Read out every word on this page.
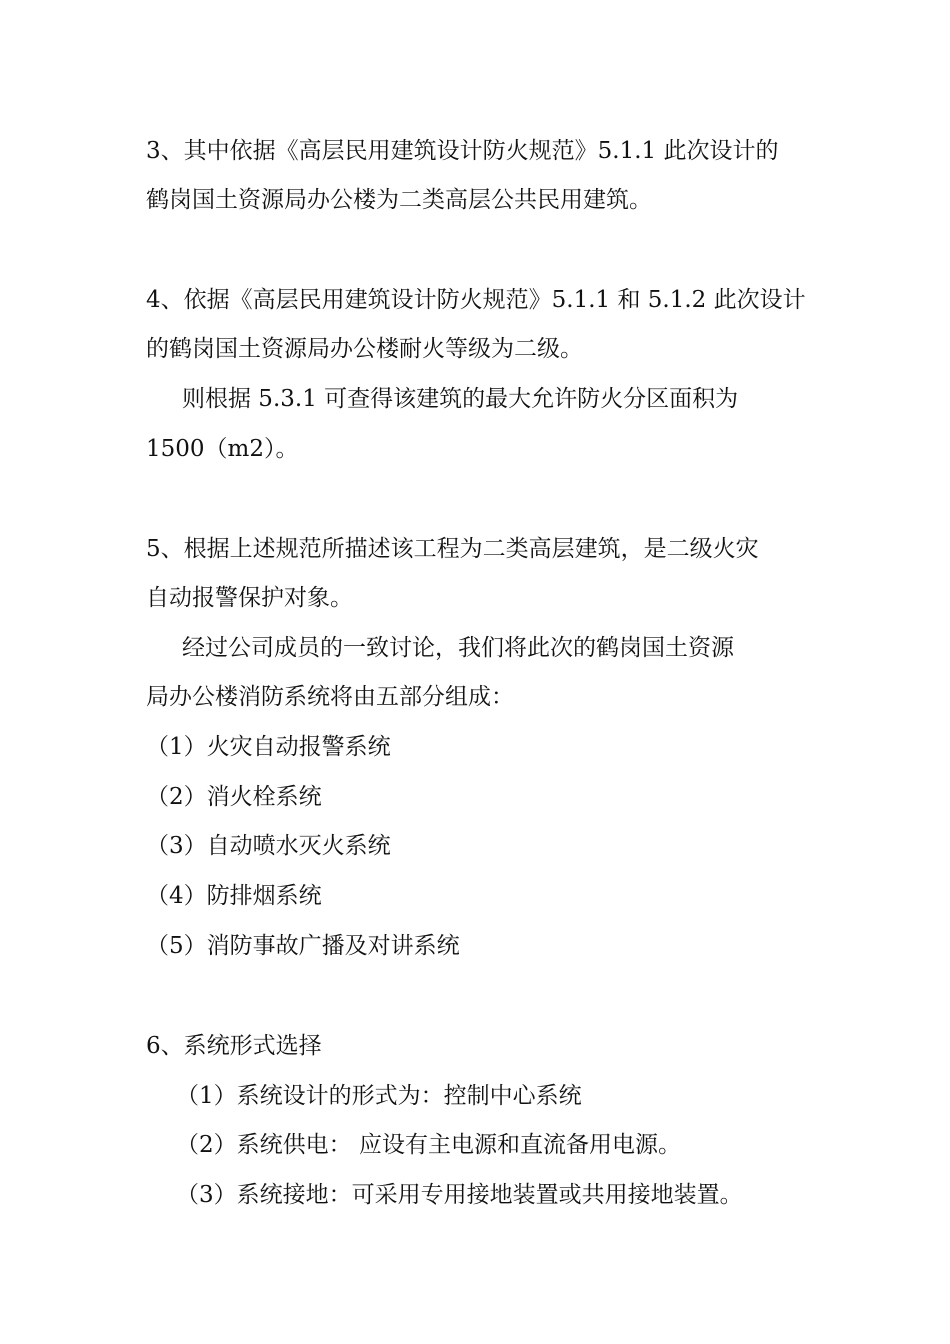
3、其中依据《高层民用建筑设计防火规范》5.1.1 此次设计的
鹤岗国土资源局办公楼为二类高层公共民用建筑。
4、依据《高层民用建筑设计防火规范》5.1.1 和 5.1.2 此次设计
的鹤岗国土资源局办公楼耐火等级为二级。
则根据 5.3.1 可查得该建筑的最大允许防火分区面积为
1500（m2）。
5、根据上述规范所描述该工程为二类高层建筑，是二级火灾
自动报警保护对象。
经过公司成员的一致讨论，我们将此次的鹤岗国土资源
局办公楼消防系统将由五部分组成：
（1）火灾自动报警系统
（2）消火栓系统
（3）自动喷水灭火系统
（4）防排烟系统
（5）消防事故广播及对讲系统
6、系统形式选择
（1）系统设计的形式为：控制中心系统
（2）系统供电： 应设有主电源和直流备用电源。
（3）系统接地：可采用专用接地装置或共用接地装置。
